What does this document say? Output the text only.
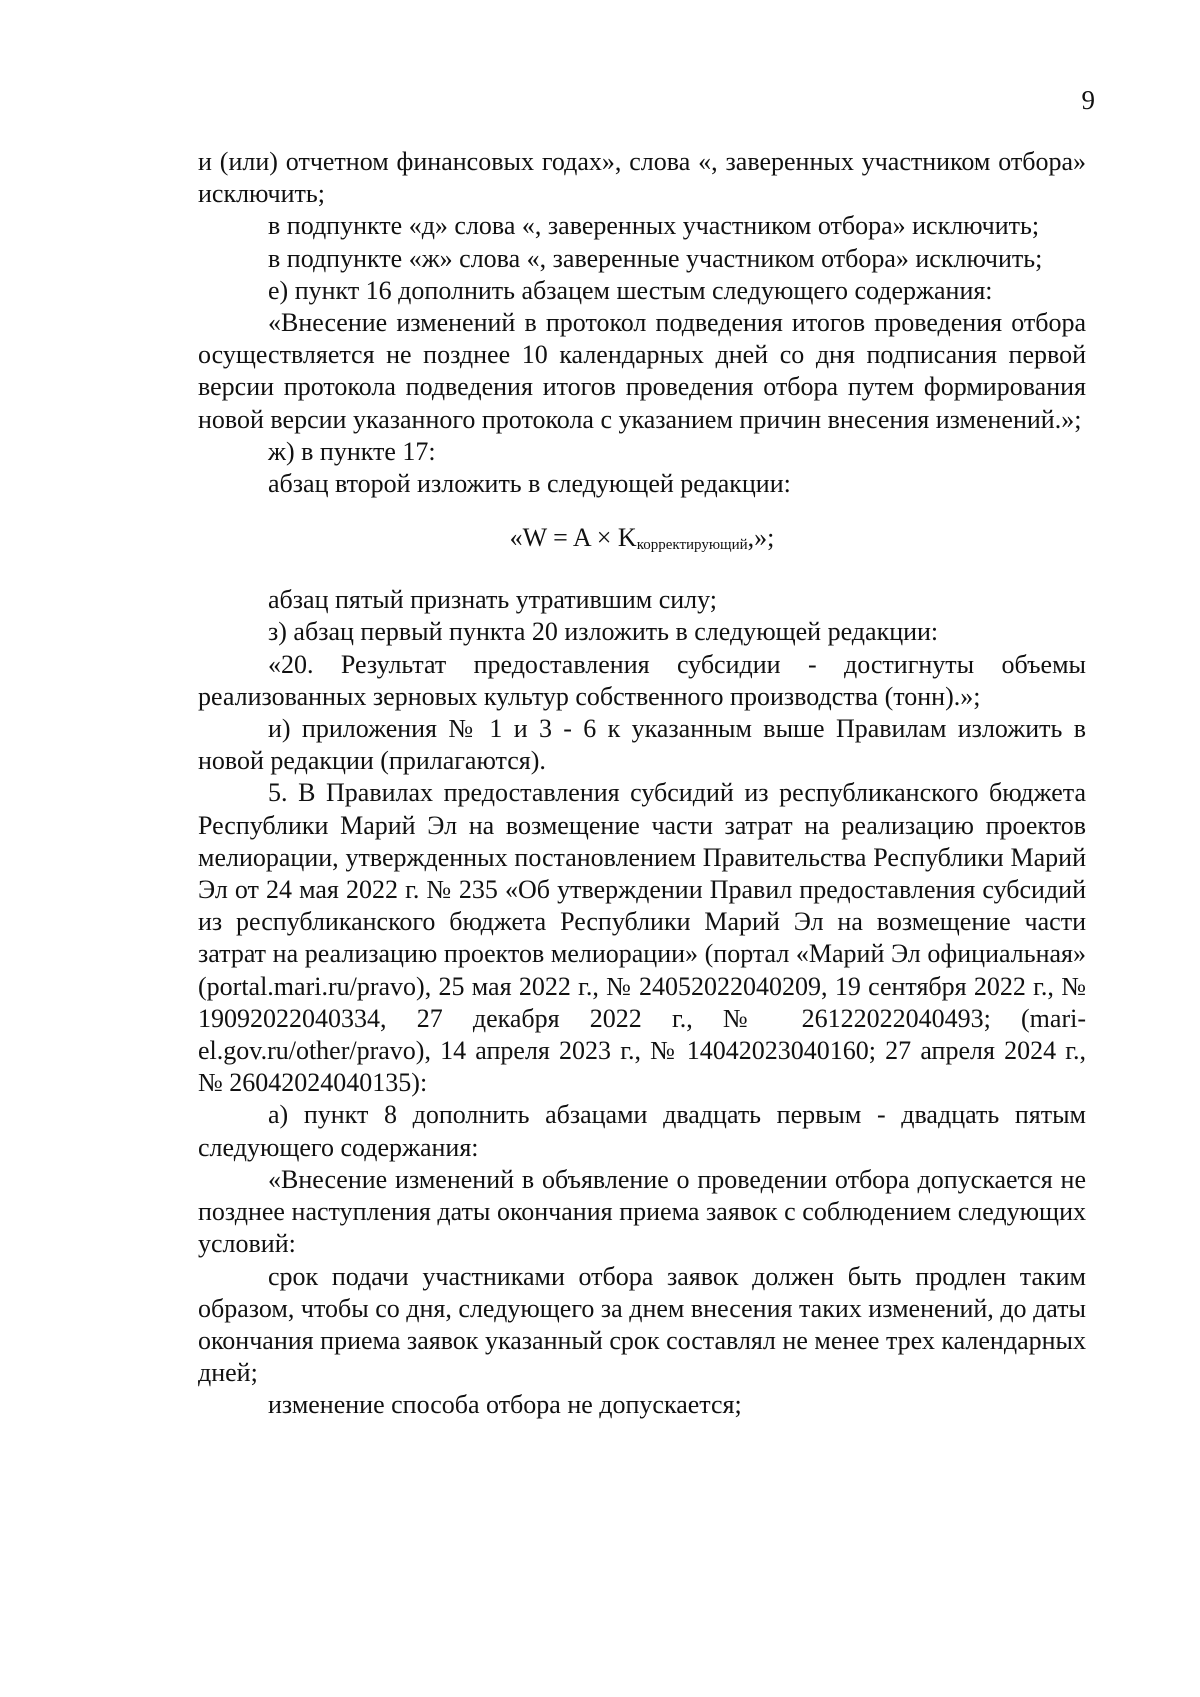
9

и (или) отчетном финансовых годах», слова «, заверенных участником отбора» исключить;

в подпункте «д» слова «, заверенных участником отбора» исключить;

в подпункте «ж» слова «, заверенные участником отбора» исключить;

е) пункт 16 дополнить абзацем шестым следующего содержания:

«Внесение изменений в протокол подведения итогов проведения отбора осуществляется не позднее 10 календарных дней со дня подписания первой версии протокола подведения итогов проведения отбора путем формирования новой версии указанного протокола с указанием причин внесения изменений.»;

ж) в пункте 17:

абзац второй изложить в следующей редакции:

«$W = A \times K_{корректирующий}$,»;

абзац пятый признать утратившим силу;

з) абзац первый пункта 20 изложить в следующей редакции:

«20. Результат предоставления субсидии - достигнуты объемы реализованных зерновых культур собственного производства (тонн).»;

и) приложения № 1 и 3 - 6 к указанным выше Правилам изложить в новой редакции (прилагаются).

5. В Правилах предоставления субсидий из республиканского бюджета Республики Марий Эл на возмещение части затрат на реализацию проектов мелиорации, утвержденных постановлением Правительства Республики Марий Эл от 24 мая 2022 г. № 235 «Об утверждении Правил предоставления субсидий из республиканского бюджета Республики Марий Эл на возмещение части затрат на реализацию проектов мелиорации» (портал «Марий Эл официальная» (portal.mari.ru/pravo), 25 мая 2022 г., № 24052022040209, 19 сентября 2022 г., № 19092022040334, 27 декабря 2022 г., № 26122022040493; (mari-el.gov.ru/other/pravo), 14 апреля 2023 г., № 14042023040160; 27 апреля 2024 г., № 26042024040135):

а) пункт 8 дополнить абзацами двадцать первым - двадцать пятым следующего содержания:

«Внесение изменений в объявление о проведении отбора допускается не позднее наступления даты окончания приема заявок с соблюдением следующих условий:

срок подачи участниками отбора заявок должен быть продлен таким образом, чтобы со дня, следующего за днем внесения таких изменений, до даты окончания приема заявок указанный срок составлял не менее трех календарных дней;

изменение способа отбора не допускается;
